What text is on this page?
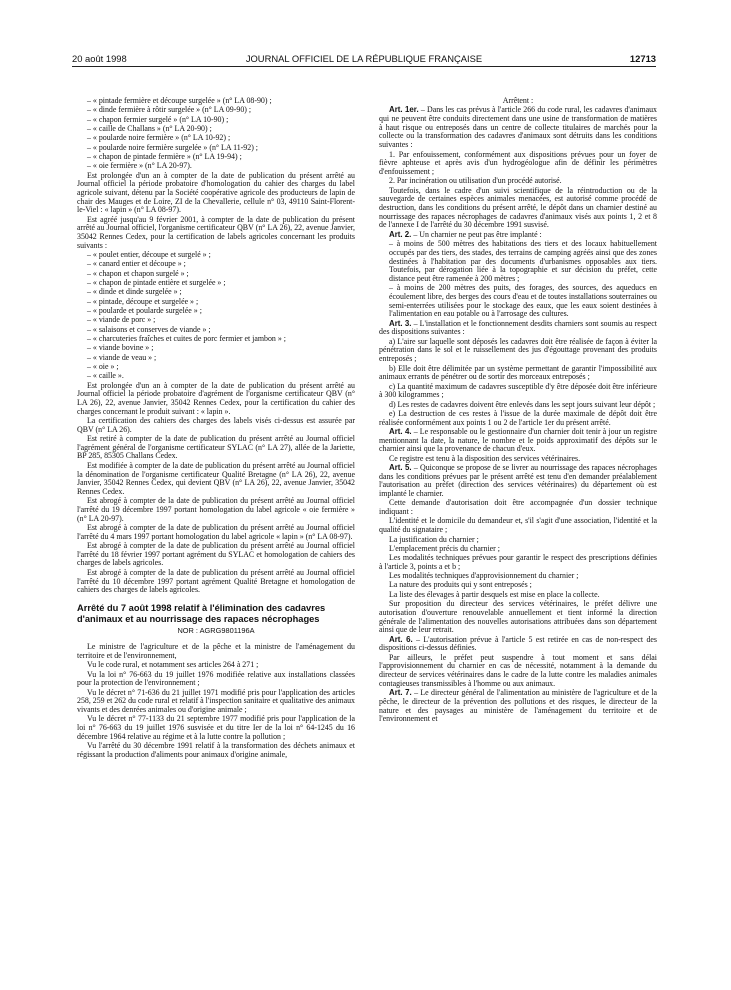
20 août 1998	JOURNAL OFFICIEL DE LA RÉPUBLIQUE FRANÇAISE	12713

– « pintade fermière et découpe surgelée » (n° LA 08-90) ;

– « dinde fermière à rôtir surgelée » (n° LA 09-90) ;

– « chapon fermier surgelé » (n° LA 10-90) ;

– « caille de Challans » (n° LA 20-90) ;

– « poularde noire fermière » (n° LA 10-92) ;

– « poularde noire fermière surgelée » (n° LA 11-92) ;

– « chapon de pintade fermière » (n° LA 19-94) ;

– « oie fermière » (n° LA 20-97).

Est prolongée d'un an à compter de la date de publication du présent arrêté au Journal officiel la période probatoire d'homologation du cahier des charges du label agricole suivant, détenu par la Société coopérative agricole des producteurs de lapin de chair des Mauges et de Loire, ZI de la Chevallerie, cellule n° 03, 49110 Saint-Florent-le-Viel : « lapin » (n° LA 08-97).

Est agréé jusqu'au 9 février 2001, à compter de la date de publication du présent arrêté au Journal officiel, l'organisme certificateur QBV (n° LA 26), 22, avenue Janvier, 35042 Rennes Cedex, pour la certification de labels agricoles concernant les produits suivants :

– « poulet entier, découpe et surgelé » ;

– « canard entier et découpe » ;

– « chapon et chapon surgelé » ;

– « chapon de pintade entière et surgelée » ;

– « dinde et dinde surgelée » ;

– « pintade, découpe et surgelée » ;

– « poularde et poularde surgelée » ;

– « viande de porc » ;

– « salaisons et conserves de viande » ;

– « charcuteries fraîches et cuites de porc fermier et jambon » ;

– « viande bovine » ;

– « viande de veau » ;

– « oie » ;

– « caille ».

Est prolongée d'un an à compter de la date de publication du présent arrêté au Journal officiel la période probatoire d'agrément de l'organisme certificateur QBV (n° LA 26), 22, avenue Janvier, 35042 Rennes Cedex, pour la certification du cahier des charges concernant le produit suivant : « lapin ».

La certification des cahiers des charges des labels visés ci-dessus est assurée par QBV (n° LA 26).

Est retiré à compter de la date de publication du présent arrêté au Journal officiel l'agrément général de l'organisme certificateur SYLAC (n° LA 27), allée de la Jariette, BP 285, 85305 Challans Cedex.

Est modifiée à compter de la date de publication du présent arrêté au Journal officiel la dénomination de l'organisme certificateur Qualité Bretagne (n° LA 26), 22, avenue Janvier, 35042 Rennes Cedex, qui devient QBV (n° LA 26), 22, avenue Janvier, 35042 Rennes Cedex.

Est abrogé à compter de la date de publication du présent arrêté au Journal officiel l'arrêté du 19 décembre 1997 portant homologation du label agricole « oie fermière » (n° LA 20-97).

Est abrogé à compter de la date de publication du présent arrêté au Journal officiel l'arrêté du 4 mars 1997 portant homologation du label agricole « lapin » (n° LA 08-97).

Est abrogé à compter de la date de publication du présent arrêté au Journal officiel l'arrêté du 18 février 1997 portant agrément du SYLAC et homologation de cahiers des charges de labels agricoles.

Est abrogé à compter de la date de publication du présent arrêté au Journal officiel l'arrêté du 10 décembre 1997 portant agrément Qualité Bretagne et homologation de cahiers des charges de labels agricoles.

Arrêté du 7 août 1998 relatif à l'élimination des cadavres d'animaux et au nourrissage des rapaces nécrophages
NOR : AGRG9801196A

Le ministre de l'agriculture et de la pêche et la ministre de l'aménagement du territoire et de l'environnement,

Vu le code rural, et notamment ses articles 264 à 271 ;

Vu la loi n° 76-663 du 19 juillet 1976 modifiée relative aux installations classées pour la protection de l'environnement ;

Vu le décret n° 71-636 du 21 juillet 1971 modifié pris pour l'application des articles 258, 259 et 262 du code rural et relatif à l'inspection sanitaire et qualitative des animaux vivants et des denrées animales ou d'origine animale ;

Vu le décret n° 77-1133 du 21 septembre 1977 modifié pris pour l'application de la loi n° 76-663 du 19 juillet 1976 susvisée et du titre Ier de la loi n° 64-1245 du 16 décembre 1964 relative au régime et à la lutte contre la pollution ;

Vu l'arrêté du 30 décembre 1991 relatif à la transformation des déchets animaux et régissant la production d'aliments pour animaux d'origine animale,

Arrêtent :

Art. 1er. – Dans les cas prévus à l'article 266 du code rural, les cadavres d'animaux qui ne peuvent être conduits directement dans une usine de transformation de matières à haut risque ou entreposés dans un centre de collecte titulaires de marchés pour la collecte ou la transformation des cadavres d'animaux sont détruits dans les conditions suivantes :

1. Par enfouissement, conformément aux dispositions prévues pour un foyer de fièvre aphteuse et après avis d'un hydrogéologue afin de définir les périmètres d'enfouissement ;

2. Par incinération ou utilisation d'un procédé autorisé.

Toutefois, dans le cadre d'un suivi scientifique de la réintroduction ou de la sauvegarde de certaines espèces animales menacées, est autorisé comme procédé de destruction, dans les conditions du présent arrêté, le dépôt dans un charnier destiné au nourrissage des rapaces nécrophages de cadavres d'animaux visés aux points 1, 2 et 8 de l'annexe I de l'arrêté du 30 décembre 1991 susvisé.

Art. 2. – Un charnier ne peut pas être implanté :

– à moins de 500 mètres des habitations des tiers et des locaux habituellement occupés par des tiers, des stades, des terrains de camping agréés ainsi que des zones destinées à l'habitation par des documents d'urbanismes opposables aux tiers. Toutefois, par dérogation liée à la topographie et sur décision du préfet, cette distance peut être ramenée à 200 mètres ;

– à moins de 200 mètres des puits, des forages, des sources, des aqueducs en écoulement libre, des berges des cours d'eau et de toutes installations souterraines ou semi-enterrées utilisées pour le stockage des eaux, que les eaux soient destinées à l'alimentation en eau potable ou à l'arrosage des cultures.

Art. 3. – L'installation et le fonctionnement desdits charniers sont soumis au respect des dispositions suivantes :

a) L'aire sur laquelle sont déposés les cadavres doit être réalisée de façon à éviter la pénétration dans le sol et le ruissellement des jus d'égouttage provenant des produits entreposés ;

b) Elle doit être délimitée par un système permettant de garantir l'impossibilité aux animaux errants de pénétrer ou de sortir des morceaux entreposés ;

c) La quantité maximum de cadavres susceptible d'y être déposée doit être inférieure à 300 kilogrammes ;

d) Les restes de cadavres doivent être enlevés dans les sept jours suivant leur dépôt ;

e) La destruction de ces restes à l'issue de la durée maximale de dépôt doit être réalisée conformément aux points 1 ou 2 de l'article 1er du présent arrêté.

Art. 4. – Le responsable ou le gestionnaire d'un charnier doit tenir à jour un registre mentionnant la date, la nature, le nombre et le poids approximatif des dépôts sur le charnier ainsi que la provenance de chacun d'eux.

Ce registre est tenu à la disposition des services vétérinaires.

Art. 5. – Quiconque se propose de se livrer au nourrissage des rapaces nécrophages dans les conditions prévues par le présent arrêté est tenu d'en demander préalablement l'autorisation au préfet (direction des services vétérinaires) du département où est implanté le charnier.

Cette demande d'autorisation doit être accompagnée d'un dossier technique indiquant :

L'identité et le domicile du demandeur et, s'il s'agit d'une association, l'identité et la qualité du signataire ;

La justification du charnier ;

L'emplacement précis du charnier ;

Les modalités techniques prévues pour garantir le respect des prescriptions définies à l'article 3, points a et b ;

Les modalités techniques d'approvisionnement du charnier ;

La nature des produits qui y sont entreposés ;

La liste des élevages à partir desquels est mise en place la collecte.

Sur proposition du directeur des services vétérinaires, le préfet délivre une autorisation d'ouverture renouvelable annuellement et tient informé la direction générale de l'alimentation des nouvelles autorisations attribuées dans son département ainsi que de leur retrait.

Art. 6. – L'autorisation prévue à l'article 5 est retirée en cas de non-respect des dispositions ci-dessus définies.

Par ailleurs, le préfet peut suspendre à tout moment et sans délai l'approvisionnement du charnier en cas de nécessité, notamment à la demande du directeur de services vétérinaires dans le cadre de la lutte contre les maladies animales contagieuses transmissibles à l'homme ou aux animaux.

Art. 7. – Le directeur général de l'alimentation au ministère de l'agriculture et de la pêche, le directeur de la prévention des pollutions et des risques, le directeur de la nature et des paysages au ministère de l'aménagement du territoire et de l'environnement et
